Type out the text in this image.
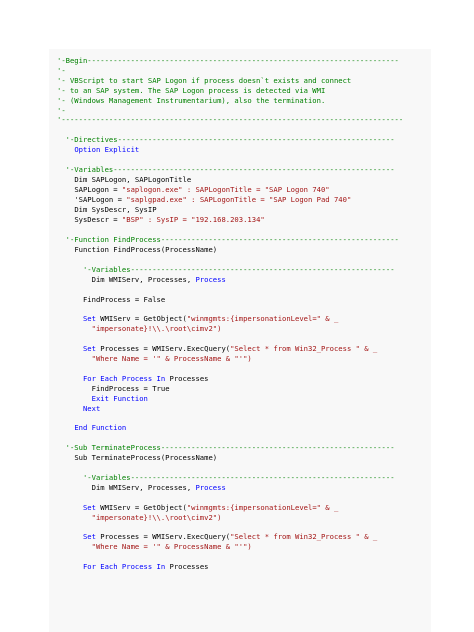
'-Begin------------------------------------------------------------------------
'-
'- VBScript to start SAP Logon if process doesn`t exists and connect
'- to an SAP system. The SAP Logon process is detected via WMI
'- (Windows Management Instrumentarium), also the termination.
'-
'-------------------------------------------------------------------------------
'-Directives----------------------------------------------------------------
Option Explicit
'-Variables-----------------------------------------------------------------
Dim SAPLogon, SAPLogonTitle
SAPLogon = "saplogon.exe" : SAPLogonTitle = "SAP Logon 740"
'SAPLogon = "saplgpad.exe" : SAPLogonTitle = "SAP Logon Pad 740"
Dim SysDescr, SysIP
SysDescr = "BSP" : SysIP = "192.168.203.134"
'-Function FindProcess-------------------------------------------------------
Function FindProcess(ProcessName)
'-Variables-------------------------------------------------------------
Dim WMIServ, Processes, Process
FindProcess = False
Set WMIServ = GetObject("winmgmts:{impersonationLevel=" & _
"impersonate}!\\.\root\cimv2")
Set Processes = WMIServ.ExecQuery("Select * from Win32_Process " & _
"Where Name = '" & ProcessName & "'")
For Each Process In Processes
FindProcess = True
Exit Function
Next
End Function
'-Sub TerminateProcess------------------------------------------------------
Sub TerminateProcess(ProcessName)
'-Variables-------------------------------------------------------------
Dim WMIServ, Processes, Process
Set WMIServ = GetObject("winmgmts:{impersonationLevel=" & _
"impersonate}!\\.\root\cimv2")
Set Processes = WMIServ.ExecQuery("Select * from Win32_Process " & _
"Where Name = '" & ProcessName & "'")
For Each Process In Processes
